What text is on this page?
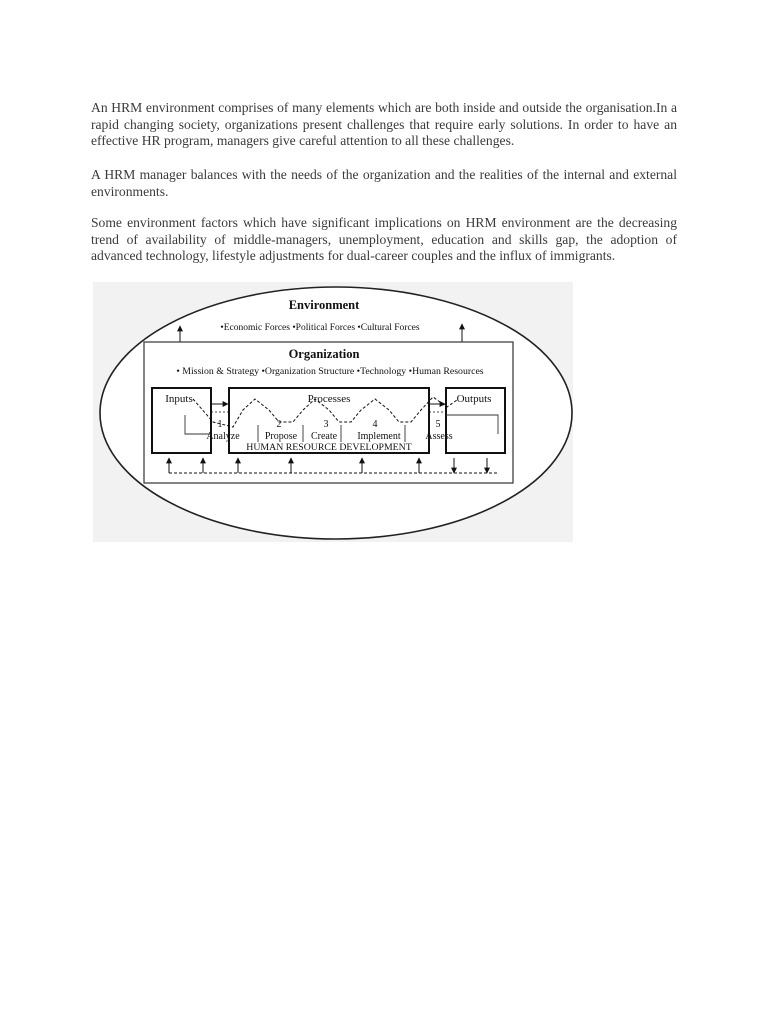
An HRM environment comprises of many elements which are both inside and outside the organisation.In a rapid changing society, organizations present challenges that require early solutions. In order to have an effective HR program, managers give careful attention to all these challenges.

A HRM manager balances with the needs of the organization and the realities of the internal and external environments.

Some environment factors which have significant implications on HRM environment are the decreasing trend of availability of middle-managers, unemployment, education and skills gap, the adoption of advanced technology, lifestyle adjustments for dual-career couples and the influx of immigrants.

Environment
•Economic Forces •Political Forces •Cultural Forces
Organization
• Mission & Strategy •Organization Structure •Technology •Human Resources
Inputs	Processes	Outputs
1	2	3	4	5
Analyze	Propose Create Implement Assess
HUMAN RESOURCE DEVELOPMENT
